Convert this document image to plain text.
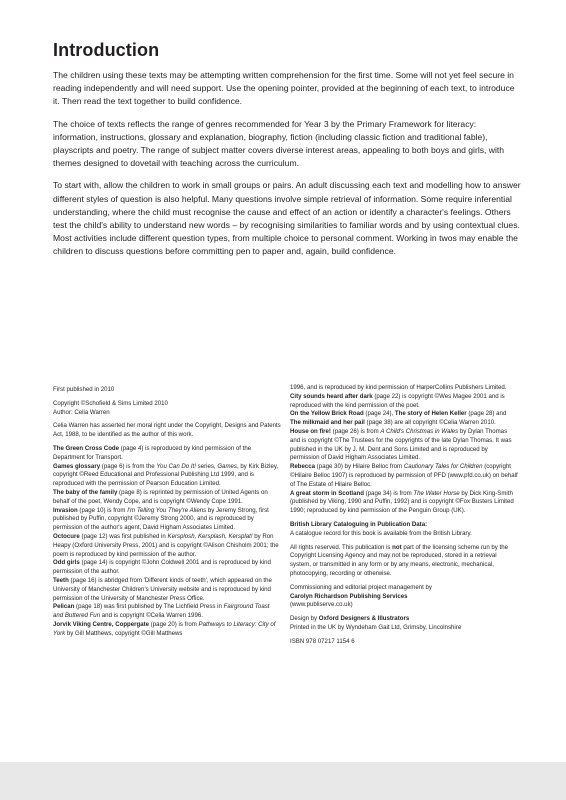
Introduction

The children using these texts may be attempting written comprehension for the first time. Some will not yet feel secure in reading independently and will need support. Use the opening pointer, provided at the beginning of each text, to introduce it. Then read the text together to build confidence.

The choice of texts reflects the range of genres recommended for Year 3 by the Primary Framework for literacy: information, instructions, glossary and explanation, biography, fiction (including classic fiction and traditional fable), playscripts and poetry. The range of subject matter covers diverse interest areas, appealing to both boys and girls, with themes designed to dovetail with teaching across the curriculum.

To start with, allow the children to work in small groups or pairs. An adult discussing each text and modelling how to answer different styles of question is also helpful. Many questions involve simple retrieval of information. Some require inferential understanding, where the child must recognise the cause and effect of an action or identify a character's feelings. Others test the child's ability to understand new words – by recognising similarities to familiar words and by using contextual clues. Most activities include different question types, from multiple choice to personal comment. Working in twos may enable the children to discuss questions before committing pen to paper and, again, build confidence.

First published in 2010

Copyright ©Schofield & Sims Limited 2010

Author: Celia Warren

Celia Warren has asserted her moral right under the Copyright, Designs and Patents Act, 1988, to be identified as the author of this work.

The Green Cross Code (page 4) is reproduced by kind permission of the Department for Transport.

Games glossary (page 6) is from the You Can Do It! series, Games, by Kirk Bizley, copyright ©Reed Educational and Professional Publishing Ltd 1999, and is reproduced with the permission of Pearson Education Limited.

The baby of the family (page 8) is reprinted by permission of United Agents on behalf of the poet, Wendy Cope, and is copyright ©Wendy Cope 1991.

Invasion (page 10) is from I'm Telling You They're Aliens by Jeremy Strong, first published by Puffin, copyright ©Jeremy Strong 2000, and is reproduced by permission of the author's agent, David Higham Associates Limited.

Octocure (page 12) was first published in Kersplosh, Kersplash, Kersplat! by Ron Heapy (Oxford University Press, 2001) and is copyright ©Alison Chisholm 2001; the poem is reproduced by kind permission of the author.

Odd girls (page 14) is copyright ©John Coldwell 2001 and is reproduced by kind permission of the author.

Teeth (page 16) is abridged from 'Different kinds of teeth', which appeared on the University of Manchester Children's University website and is reproduced by kind permission of the University of Manchester Press Office.

Pelican (page 18) was first published by The Lichfield Press in Fairground Toast and Buttered Fun and is copyright ©Celia Warren 1996.

Jorvik Viking Centre, Coppergate (page 20) is from Pathways to Literacy: City of York by Gill Matthews, copyright ©Gill Matthews

1996, and is reproduced by kind permission of HarperCollins Publishers Limited.

City sounds heard after dark (page 22) is copyright ©Wes Magee 2001 and is reproduced with the kind permission of the poet.

On the Yellow Brick Road (page 24), The story of Helen Keller (page 28) and The milkmaid and her pail (page 38) are all copyright ©Celia Warren 2010.

House on fire! (page 26) is from A Child's Christmas in Wales by Dylan Thomas and is copyright ©The Trustees for the copyrights of the late Dylan Thomas. It was published in the UK by J. M. Dent and Sons Limited and is reproduced by permission of David Higham Associates Limited.

Rebecca (page 30) by Hilaire Belloc from Cautionary Tales for Children (copyright ©Hilaire Belloc 1907) is reproduced by permission of PFD (www.pfd.co.uk) on behalf of The Estate of Hilaire Belloc.

A great storm in Scotland (page 34) is from The Water Horse by Dick King-Smith (published by Viking, 1990 and Puffin, 1992) and is copyright ©Fox Busters Limited 1990; reproduced by kind permission of the Penguin Group (UK).

British Library Cataloguing in Publication Data:

A catalogue record for this book is available from the British Library.

All rights reserved. This publication is not part of the licensing scheme run by the Copyright Licensing Agency and may not be reproduced, stored in a retrieval system, or transmitted in any form or by any means, electronic, mechanical, photocopying, recording or otherwise.

Commissioning and editorial project management by

Carolyn Richardson Publishing Services

(www.publiserve.co.uk)

Design by Oxford Designers & Illustrators

Printed in the UK by Wyndeham Gait Ltd, Grimsby, Lincolnshire

ISBN 978 07217 1154 6
